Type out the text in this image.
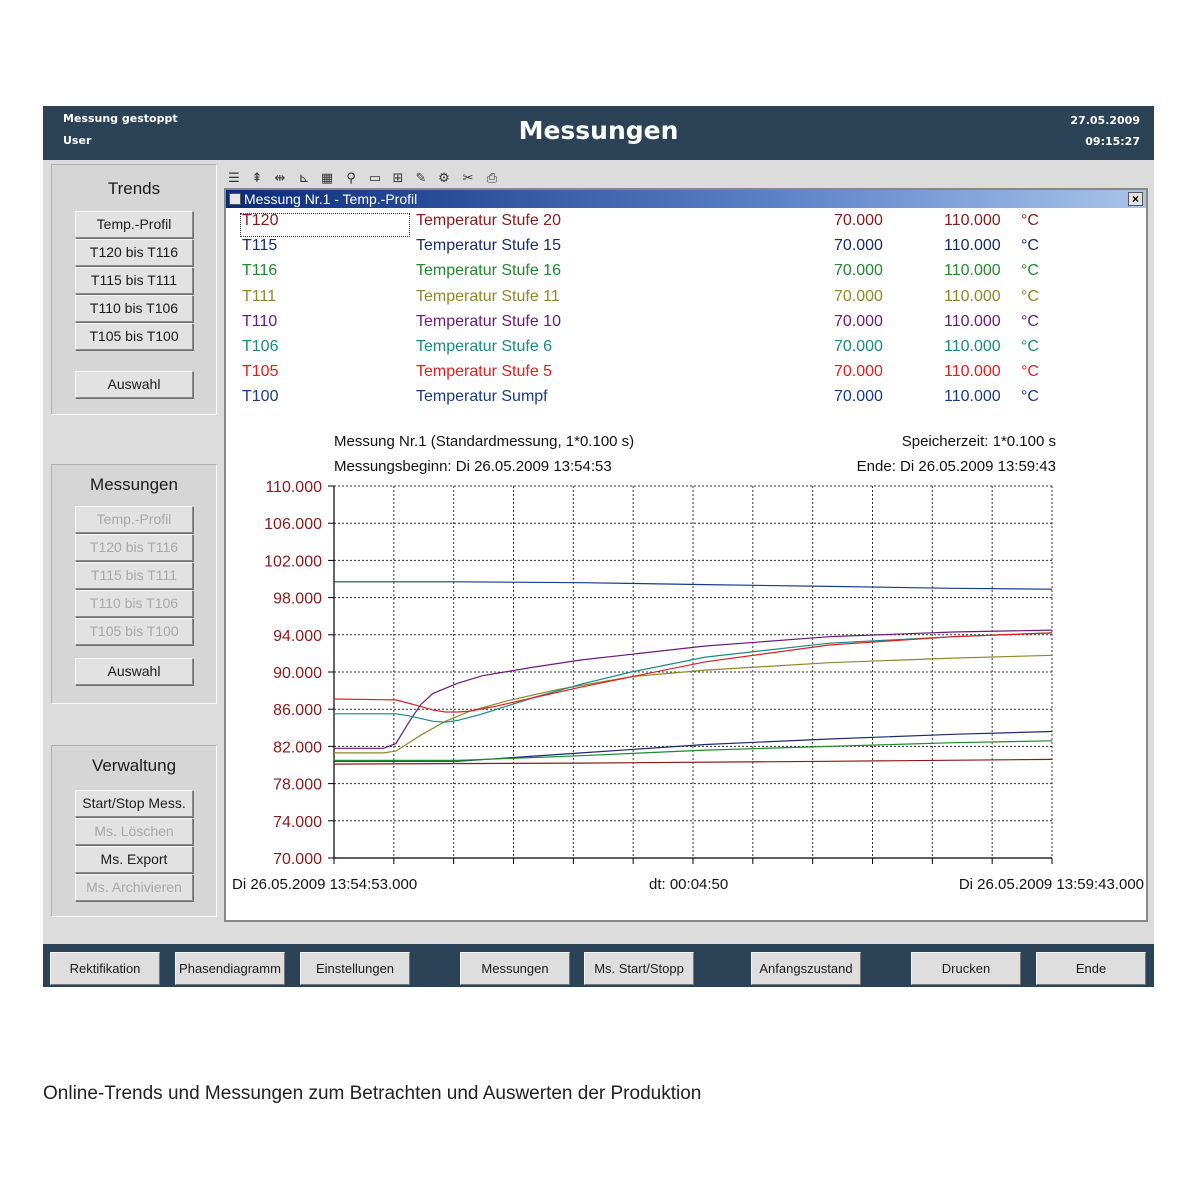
Messung gestoppt
User	Messungen	27.05.2009
09:15:27
Trends
Temp.-Profil
T120 bis T116
T115 bis T111
T110 bis T106
T105 bis T100
Auswahl
Messungen
Temp.-Profil
T120 bis T116
T115 bis T111
T110 bis T106
T105 bis T100
Auswahl
Verwaltung
Start/Stop Mess.
Ms. Löschen
Ms. Export
Ms. Archivieren
☰ ⇞ ⇹ ⊾ ▦ ⚲ ▭ ⊞ ✎ ⚙ ✂ ⎙
Messung Nr.1 - Temp.-Profil	×
T120	Temperatur Stufe 20	70.000	110.000 °C
T115	Temperatur Stufe 15	70.000	110.000 °C
T116	Temperatur Stufe 16	70.000	110.000 °C
T111	Temperatur Stufe 11	70.000	110.000 °C
T110	Temperatur Stufe 10	70.000	110.000 °C
T106	Temperatur Stufe 6	70.000	110.000 °C
T105	Temperatur Stufe 5	70.000	110.000 °C
T100	Temperatur Sumpf	70.000	110.000 °C
Messung Nr.1 (Standardmessung, 1*0.100 s)	Speicherzeit: 1*0.100 s
Messungsbeginn: Di 26.05.2009 13:54:53	Ende: Di 26.05.2009 13:59:43
110.000
106.000
102.000
98.000
94.000
90.000
86.000
82.000
78.000
74.000
70.000
Di 26.05.2009 13:54:53.000	dt: 00:04:50	Di 26.05.2009 13:59:43.000
Rektifikation	Phasendiagramm	Einstellungen	Messungen	Ms. Start/Stopp	Anfangszustand	Drucken	Ende
Online-Trends und Messungen zum Betrachten und Auswerten der Produktion
